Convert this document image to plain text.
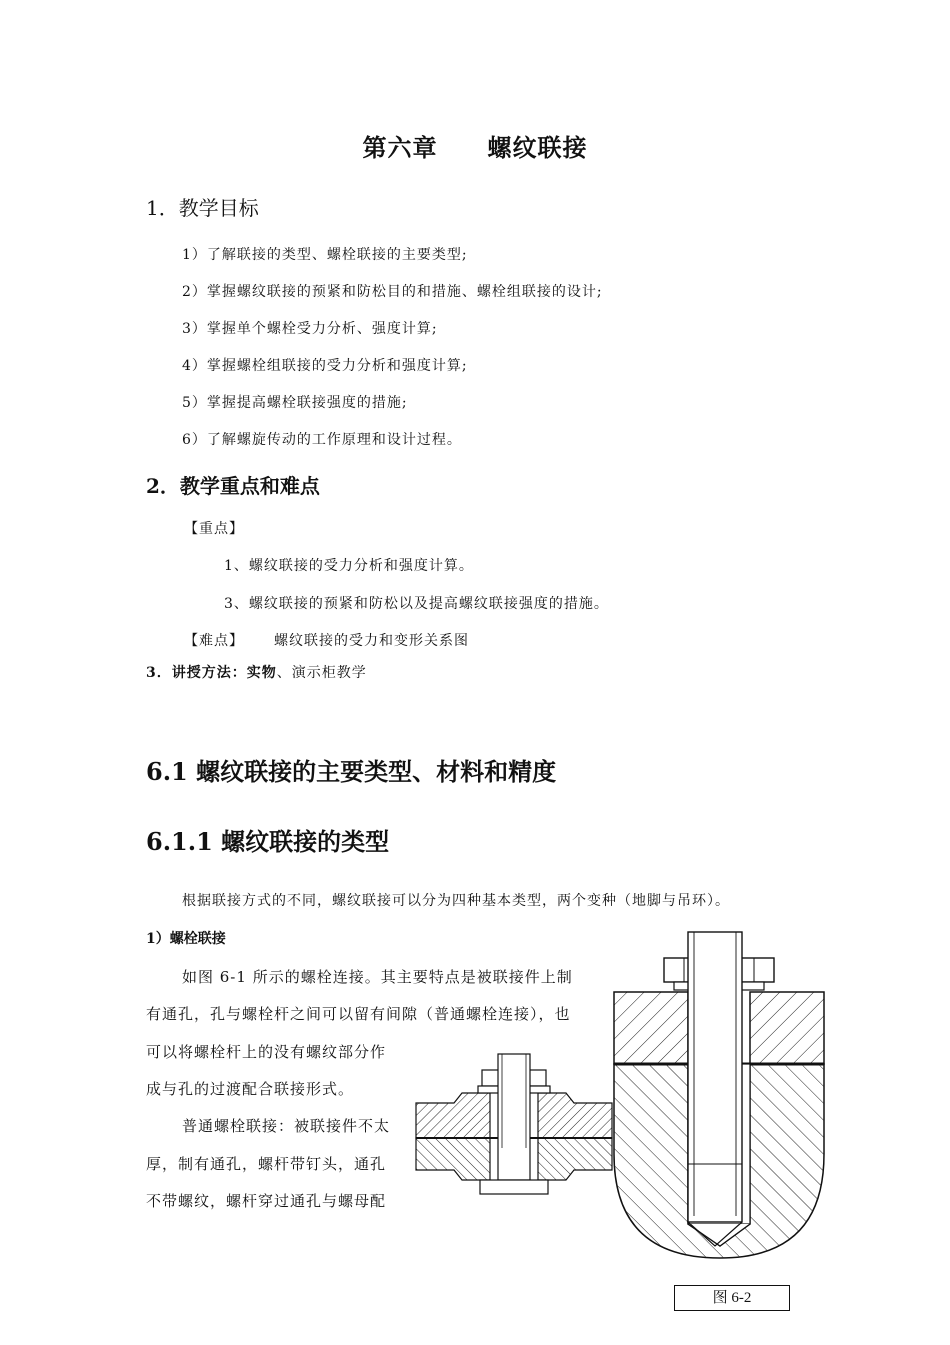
第六章　　螺纹联接
1．教学目标
1）了解联接的类型、螺栓联接的主要类型;
2）掌握螺纹联接的预紧和防松目的和措施、螺栓组联接的设计;
3）掌握单个螺栓受力分析、强度计算;
4）掌握螺栓组联接的受力分析和强度计算;
5）掌握提高螺栓联接强度的措施;
6）了解螺旋传动的工作原理和设计过程。
2．教学重点和难点
【重点】
1、螺纹联接的受力分析和强度计算。
3、螺纹联接的预紧和防松以及提高螺纹联接强度的措施。
【难点】 螺纹联接的受力和变形关系图
3．讲授方法：实物、演示柜教学
6.1 螺纹联接的主要类型、材料和精度
6.1.1 螺纹联接的类型
根据联接方式的不同，螺纹联接可以分为四种基本类型，两个变种（地脚与吊环）。
1）螺栓联接
如图 6-1 所示的螺栓连接。其主要特点是被联接件上制
有通孔，孔与螺栓杆之间可以留有间隙（普通螺栓连接），也
可以将螺栓杆上的没有螺纹部分作
成与孔的过渡配合联接形式。
普通螺栓联接：被联接件不太
厚，制有通孔，螺杆带钉头，通孔
不带螺纹，螺杆穿过通孔与螺母配
图 6-2
